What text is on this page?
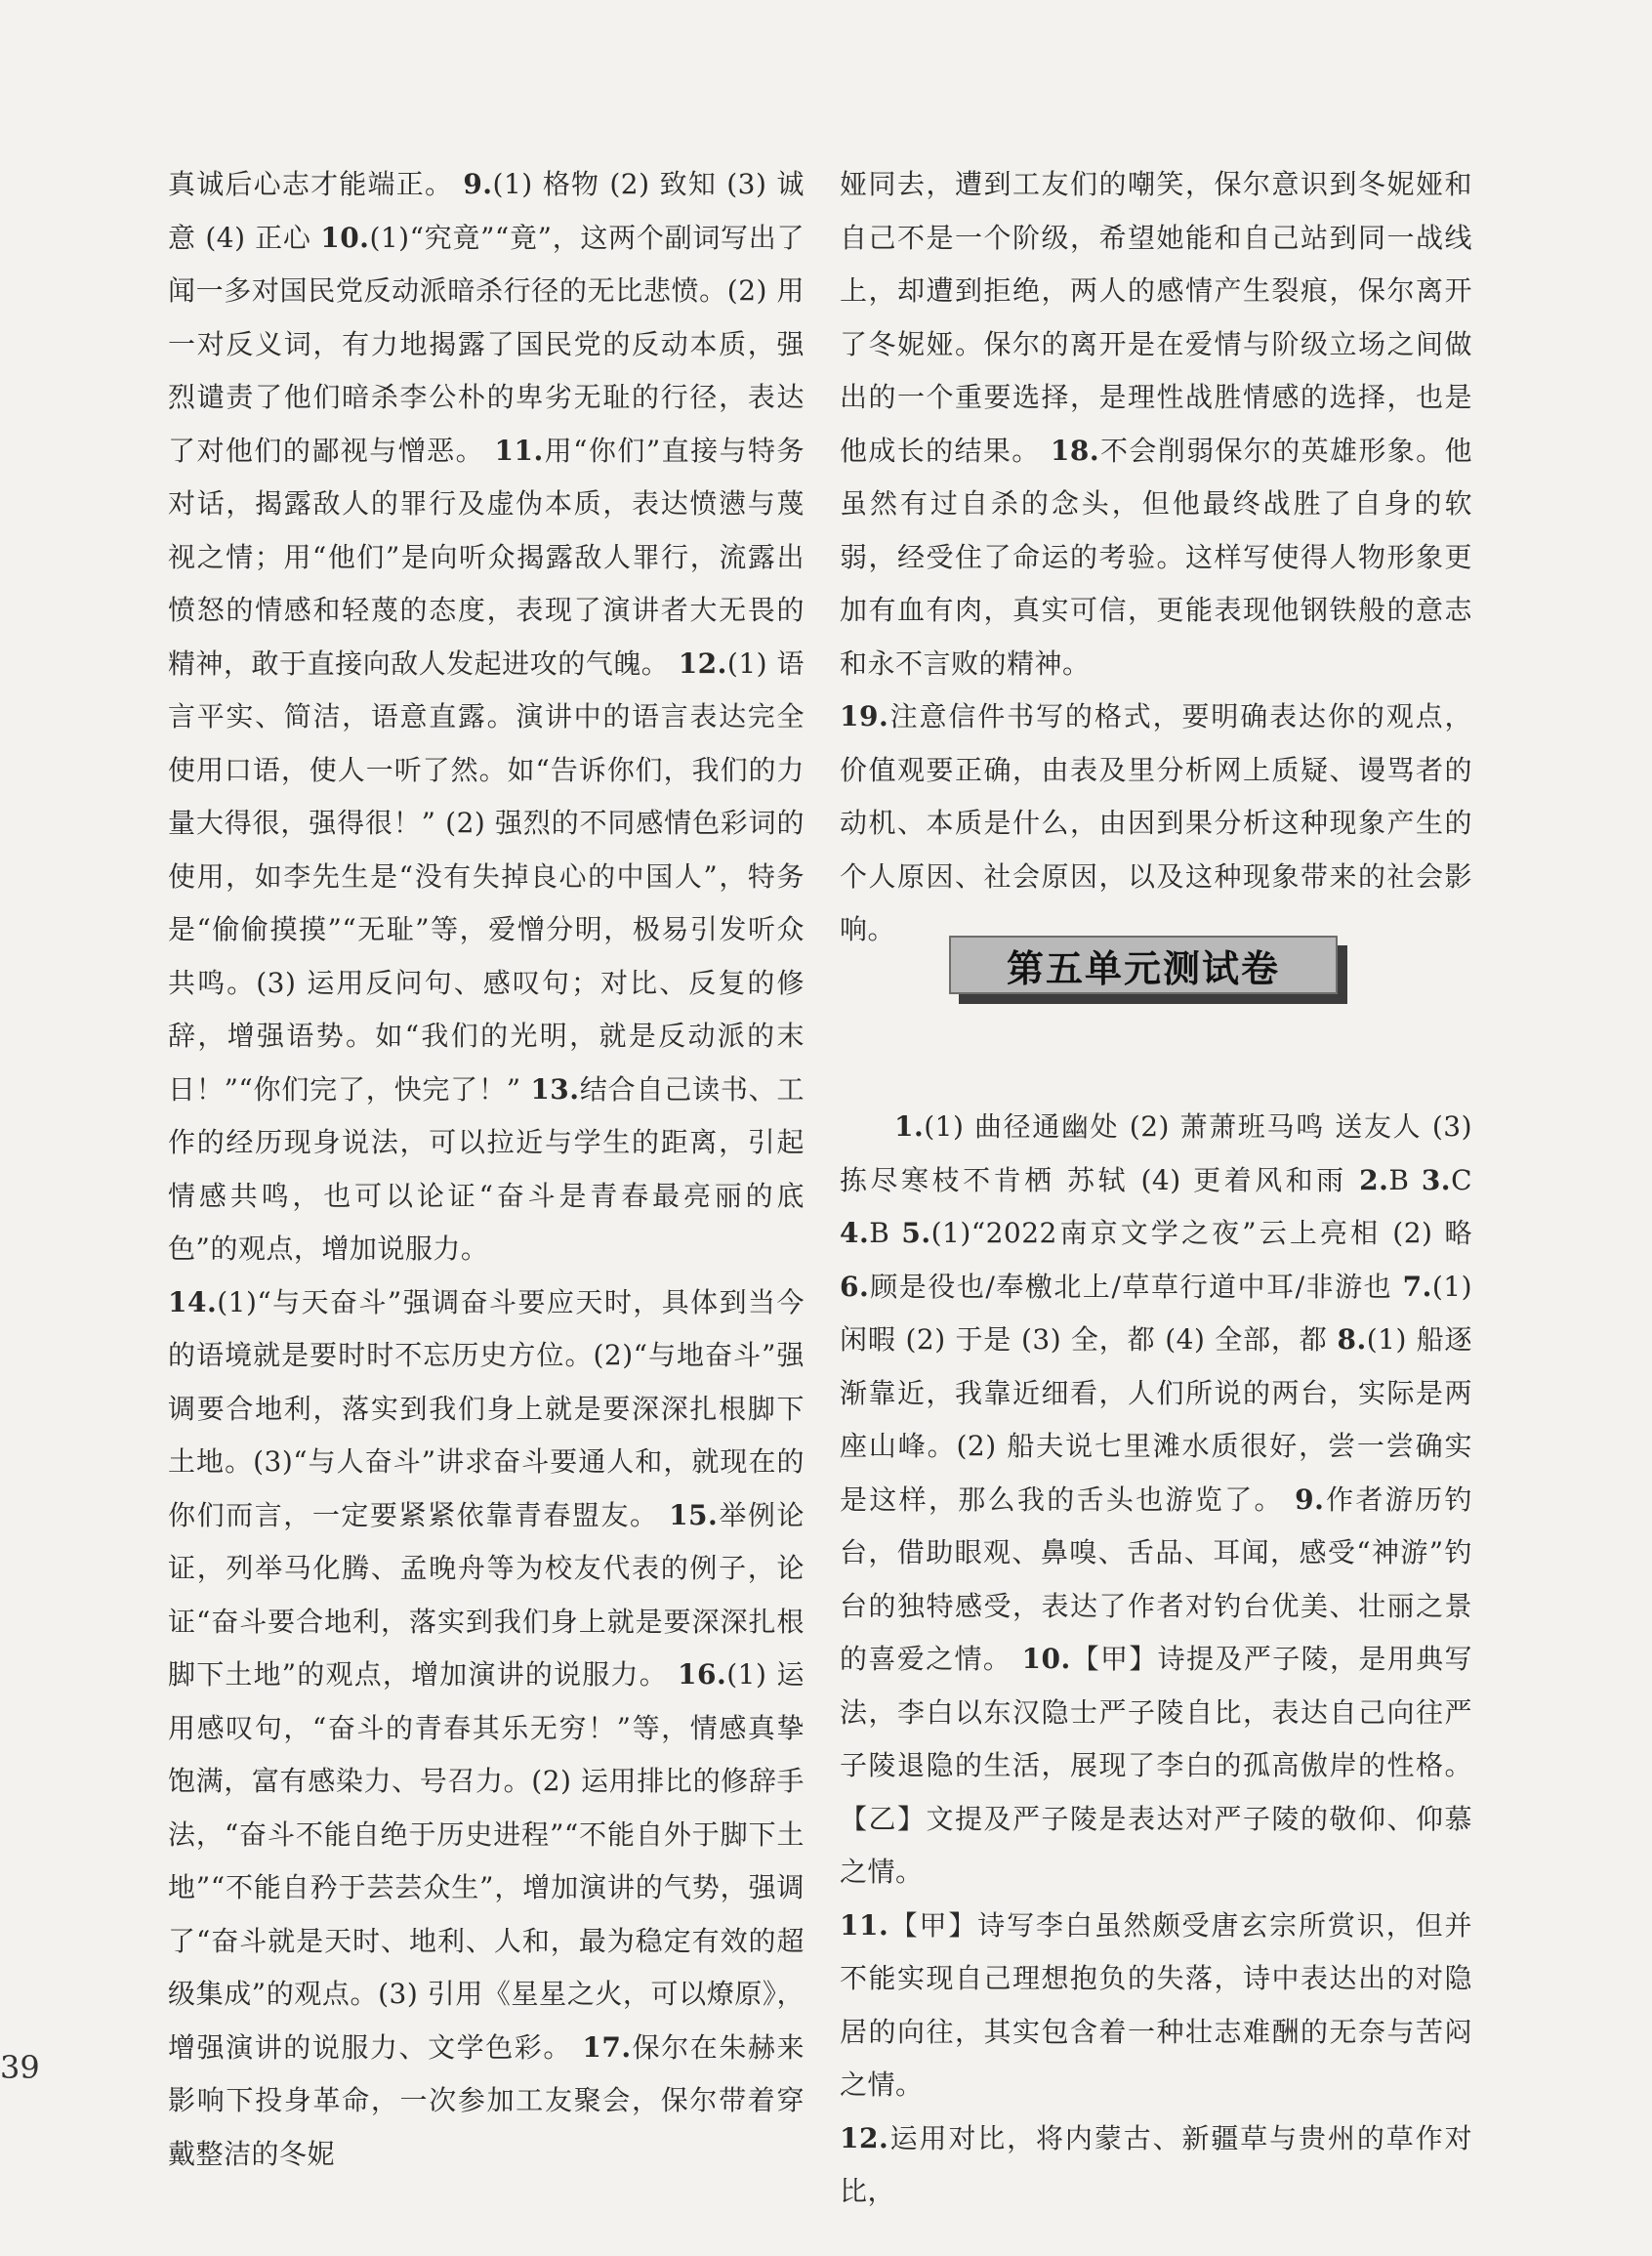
真诚后心志才能端正。 9.(1) 格物 (2) 致知 (3) 诚意 (4) 正心 10.(1)“究竟”“竟”，这两个副词写出了闻一多对国民党反动派暗杀行径的无比悲愤。(2) 用一对反义词，有力地揭露了国民党的反动本质，强烈谴责了他们暗杀李公朴的卑劣无耻的行径，表达了对他们的鄙视与憎恶。 11.用“你们”直接与特务对话，揭露敌人的罪行及虚伪本质，表达愤懑与蔑视之情；用“他们”是向听众揭露敌人罪行，流露出愤怒的情感和轻蔑的态度，表现了演讲者大无畏的精神，敢于直接向敌人发起进攻的气魄。 12.(1) 语言平实、简洁，语意直露。演讲中的语言表达完全使用口语，使人一听了然。如“告诉你们，我们的力量大得很，强得很！” (2) 强烈的不同感情色彩词的使用，如李先生是“没有失掉良心的中国人”，特务是“偷偷摸摸”“无耻”等，爱憎分明，极易引发听众共鸣。(3) 运用反问句、感叹句；对比、反复的修辞，增强语势。如“我们的光明，就是反动派的末日！”“你们完了，快完了！” 13.结合自己读书、工作的经历现身说法，可以拉近与学生的距离，引起情感共鸣，也可以论证“奋斗是青春最亮丽的底色”的观点，增加说服力。

14.(1)“与天奋斗”强调奋斗要应天时，具体到当今的语境就是要时时不忘历史方位。(2)“与地奋斗”强调要合地利，落实到我们身上就是要深深扎根脚下土地。(3)“与人奋斗”讲求奋斗要通人和，就现在的你们而言，一定要紧紧依靠青春盟友。 15.举例论证，列举马化腾、孟晚舟等为校友代表的例子，论证“奋斗要合地利，落实到我们身上就是要深深扎根脚下土地”的观点，增加演讲的说服力。 16.(1) 运用感叹句，“奋斗的青春其乐无穷！”等，情感真挚饱满，富有感染力、号召力。(2) 运用排比的修辞手法，“奋斗不能自绝于历史进程”“不能自外于脚下土地”“不能自矜于芸芸众生”，增加演讲的气势，强调了“奋斗就是天时、地利、人和，最为稳定有效的超级集成”的观点。(3) 引用《星星之火，可以燎原》，增强演讲的说服力、文学色彩。 17.保尔在朱赫来影响下投身革命，一次参加工友聚会，保尔带着穿戴整洁的冬妮

娅同去，遭到工友们的嘲笑，保尔意识到冬妮娅和自己不是一个阶级，希望她能和自己站到同一战线上，却遭到拒绝，两人的感情产生裂痕，保尔离开了冬妮娅。保尔的离开是在爱情与阶级立场之间做出的一个重要选择，是理性战胜情感的选择，也是他成长的结果。 18.不会削弱保尔的英雄形象。他虽然有过自杀的念头，但他最终战胜了自身的软弱，经受住了命运的考验。这样写使得人物形象更加有血有肉，真实可信，更能表现他钢铁般的意志和永不言败的精神。

19.注意信件书写的格式，要明确表达你的观点，价值观要正确，由表及里分析网上质疑、谩骂者的动机、本质是什么，由因到果分析这种现象产生的个人原因、社会原因，以及这种现象带来的社会影响。

第五单元测试卷

1.(1) 曲径通幽处 (2) 萧萧班马鸣 送友人 (3) 拣尽寒枝不肯栖 苏轼 (4) 更着风和雨 2.B 3.C 4.B 5.(1)“2022南京文学之夜”云上亮相 (2) 略 6.顾是役也/奉檄北上/草草行道中耳/非游也 7.(1) 闲暇 (2) 于是 (3) 全，都 (4) 全部，都 8.(1) 船逐渐靠近，我靠近细看，人们所说的两台，实际是两座山峰。(2) 船夫说七里滩水质很好，尝一尝确实是这样，那么我的舌头也游览了。 9.作者游历钓台，借助眼观、鼻嗅、舌品、耳闻，感受“神游”钓台的独特感受，表达了作者对钓台优美、壮丽之景的喜爱之情。 10.【甲】诗提及严子陵，是用典写法，李白以东汉隐士严子陵自比，表达自己向往严子陵退隐的生活，展现了李白的孤高傲岸的性格。【乙】文提及严子陵是表达对严子陵的敬仰、仰慕之情。

11.【甲】诗写李白虽然颇受唐玄宗所赏识，但并不能实现自己理想抱负的失落，诗中表达出的对隐居的向往，其实包含着一种壮志难酬的无奈与苦闷之情。

12.运用对比，将内蒙古、新疆草与贵州的草作对比，

39
